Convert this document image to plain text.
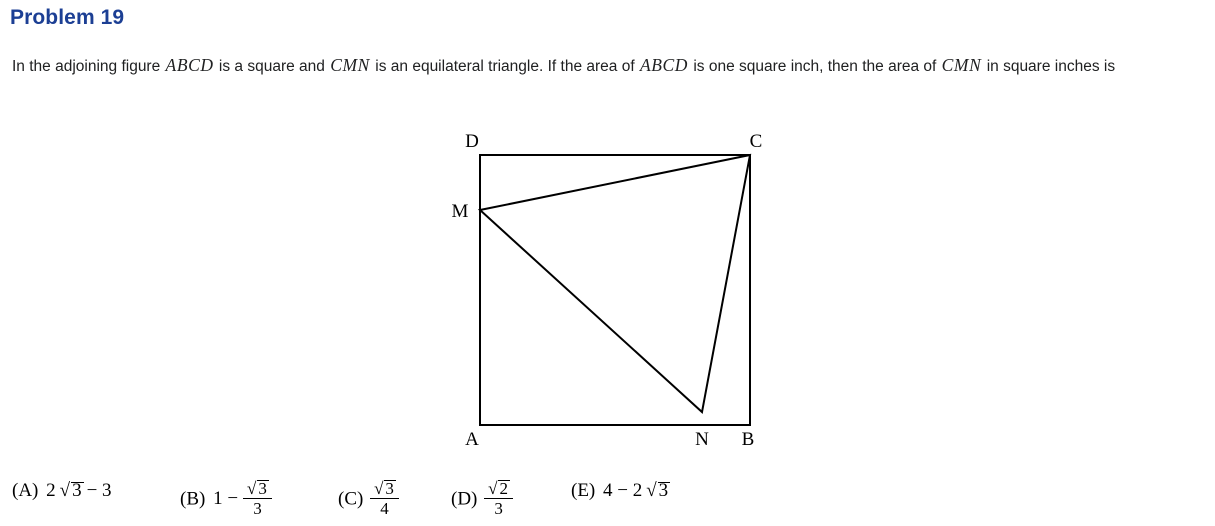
Problem 19
In the adjoining figure ABCD is a square and CMN is an equilateral triangle. If the area of ABCD is one square inch, then the area of CMN in square inches is
D	C
M
A	N B
(A) 2 √ 3 − 3	(B) $1 - \frac{√ 3}{3}$	$(C) \frac{√ 3}{4}$	$(D) \frac{√ 2}{3}$	(E) 4 − 2 √ 3
